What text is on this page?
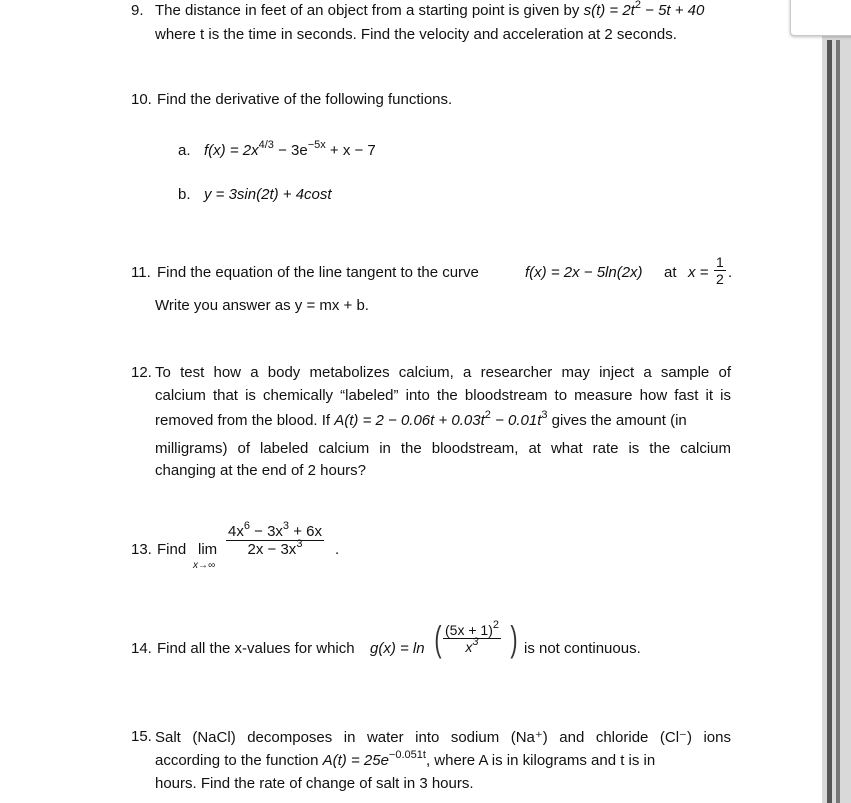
9. The distance in feet of an object from a starting point is given by $s(t) = 2t^2 - 5t + 40$
where t is the time in seconds. Find the velocity and acceleration at 2 seconds.
10. Find the derivative of the following functions.
a. $f(x) = 2x^{4/3} - 3e^{-5x} + x - 7$
b. y = 3sin(2t) + 4cost
11. Find the equation of the line tangent to the curve	f(x) = 2x − 5ln(2x) at $x = \frac{1}{2}$ .
Write you answer as y = mx + b.
12. To test how a body metabolizes calcium, a researcher may inject a sample of
calcium that is chemically “labeled” into the bloodstream to measure how fast it is
removed from the blood. If $A(t) = 2 - 0.06t + 0.03t^2 - 0.01t^3$ gives the amount (in
milligrams) of labeled calcium in the bloodstream, at what rate is the calcium
changing at the end of 2 hours?
13. Find lim
x→∞
$\frac{4x^6 - 3x^3 + 6x}{2x - 3x^3}$ .
14. Find all the x-values for which g(x) = ln ( $\frac{(5x + 1)^2}{x^3}$ ) is not continuous.
15. Salt (NaCl) decomposes in water into sodium (Na⁺) and chloride (Cl⁻) ions
according to the function $A(t) = 25e^{-0.051t}$, where A is in kilograms and t is in
hours. Find the rate of change of salt in 3 hours.
